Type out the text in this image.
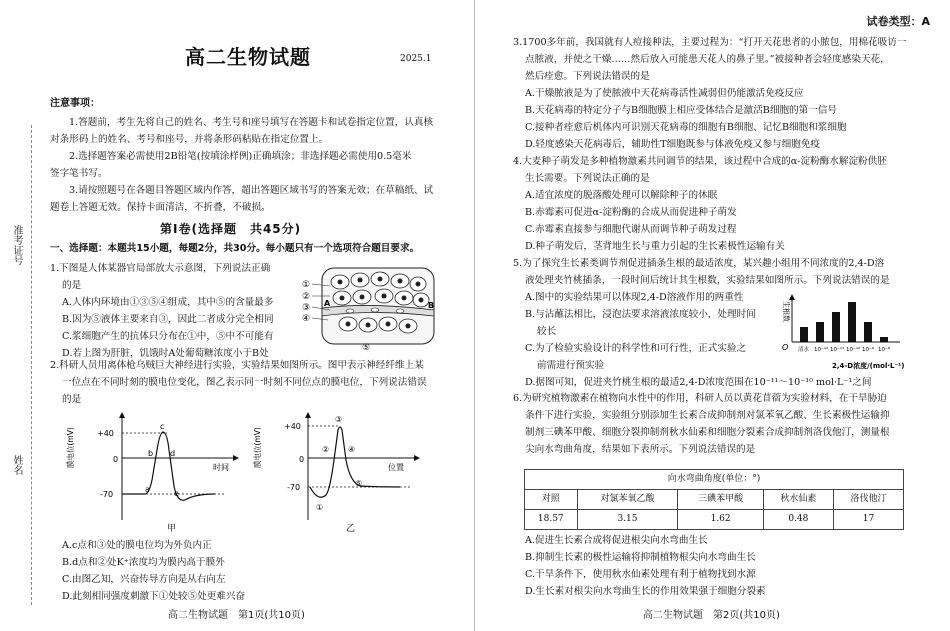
准考证号
姓名
高二生物试题	2025.1
注意事项：
1.答题前，考生先将自己的姓名、考生号和座号填写在答题卡和试卷指定位置，认真核
对条形码上的姓名、考号和座号，并将条形码粘贴在指定位置上。
2.选择题答案必需使用2B铅笔(按填涂样例)正确填涂；非选择题必需使用0.5毫米
签字笔书写。
3.请按照题号在各题目答题区域内作答，超出答题区域书写的答案无效；在草稿纸、试
题卷上答题无效。保持卡面清洁，不折叠，不破损。
第Ⅰ卷(选择题　共45分)
一、选择题：本题共15小题，每题2分，共30分。每小题只有一个选项符合题目要求。
1.下图是人体某器官局部放大示意图，下列说法正确
的是
A.人体内环境由①③⑤④组成，其中⑤的含量最多
B.因为⑤液体主要来自③，因此二者成分完全相同
C.浆细胞产生的抗体只分布在①中，⑤中不可能有
D.若上图为肝脏，饥饿时A处葡萄糖浓度小于B处
①
②
③
④
⑤
A	B
2.科研人员用离体枪乌贼巨大神经进行实验，实验结果如图所示。图甲表示神经纤维上某
一位点在不同时刻的膜电位变化，图乙表示同一时刻不同位点的膜电位，下列说法错误
的是
+40
0
-70
a
b
c
d
e
时间
膜电位(mV)
甲
+40
0
-70
①
②
③
④
⑤
位置
膜电位(mV)
乙
A.c点和③处的膜电位均为外负内正
B.d点和②处K⁺浓度均为膜内高于膜外
C.由图乙知，兴奋传导方向是从右向左
D.此刻相同强度刺激下①处较⑤处更难兴奋
高二生物试题　第1页(共10页)
试卷类型：A
3.1700多年前，我国就有人痘接种法，主要过程为：“打开天花患者的小脓包，用棉花吸访一
点脓液，并使之干燥……然后放入可能患天花人的鼻子里。”被接种者会轻度感染天花，
然后痊愈。下列说法错误的是
A.干燥脓液是为了使脓液中天花病毒活性减弱但仍能激活免疫反应
B.天花病毒的特定分子与B细胞膜上相应受体结合是激活B细胞的第一信号
C.接种者痊愈后机体内可识别天花病毒的细胞有B细胞、记忆B细胞和浆细胞
D.轻度感染天花病毒后，辅助性T细胞既参与体液免疫又参与细胞免疫
4.大麦种子萌发是多种植物激素共同调节的结果，该过程中合成的α-淀粉酶水解淀粉供胚
生长需要。下列说法正确的是
A.适宜浓度的脱落酸处理可以解除种子的休眠
B.赤霉素可促进α-淀粉酶的合成从而促进种子萌发
C.赤霉素直接参与细胞代谢从而调节种子萌发过程
D.种子萌发后，茎背地生长与重力引起的生长素极性运输有关
5.为了探究生长素类调节剂促进插条生根的最适浓度，某兴趣小组用不同浓度的2,4-D溶
液处理夹竹桃插条，一段时间后统计其生根数，实验结果如图所示。下列说法错误的是
A.图中的实验结果可以体现2,4-D溶液作用的两重性
B.与沾蘸法相比，浸泡法要求溶液浓度较小，处理时间
较长
C.为了检验实验设计的科学性和可行性，正式实验之
前需进行预实验
D.据图可知，促进夹竹桃生根的最适2,4-D浓度范围在10⁻¹¹～10⁻¹⁰ mol·L⁻¹之间
生根数
O 清水 10⁻¹² 10⁻¹¹ 10⁻¹⁰ 10⁻⁹ 10⁻⁸
2,4-D浓度/(mol·L⁻¹)
6.为研究植物激素在植物向水性中的作用，科研人员以黄花苜蓿为实验材料，在干旱胁迫
条件下进行实验，实验组分别添加生长素合成抑制剂对氯苯氧乙酸、生长素极性运输抑
制剂三碘苯甲酸、细胞分裂抑制剂秋水仙素和细胞分裂素合成抑制剂洛伐他汀，测量根
尖向水弯曲角度，结果如下表所示。下列说法错误的是
A.促进生长素合成将促进根尖向水弯曲生长
B.抑制生长素的极性运输将抑制植物根尖向水弯曲生长
C.干旱条件下，使用秋水仙素处理有利于植物找到水源
D.生长素对根尖向水弯曲生长的作用效果强于细胞分裂素
高二生物试题　第2页(共10页)
向水弯曲角度(单位：°)				
对照	对氯苯氧乙酸	三碘苯甲酸	秋水仙素	洛伐他汀
18.57	3.15	1.62	0.48	17
